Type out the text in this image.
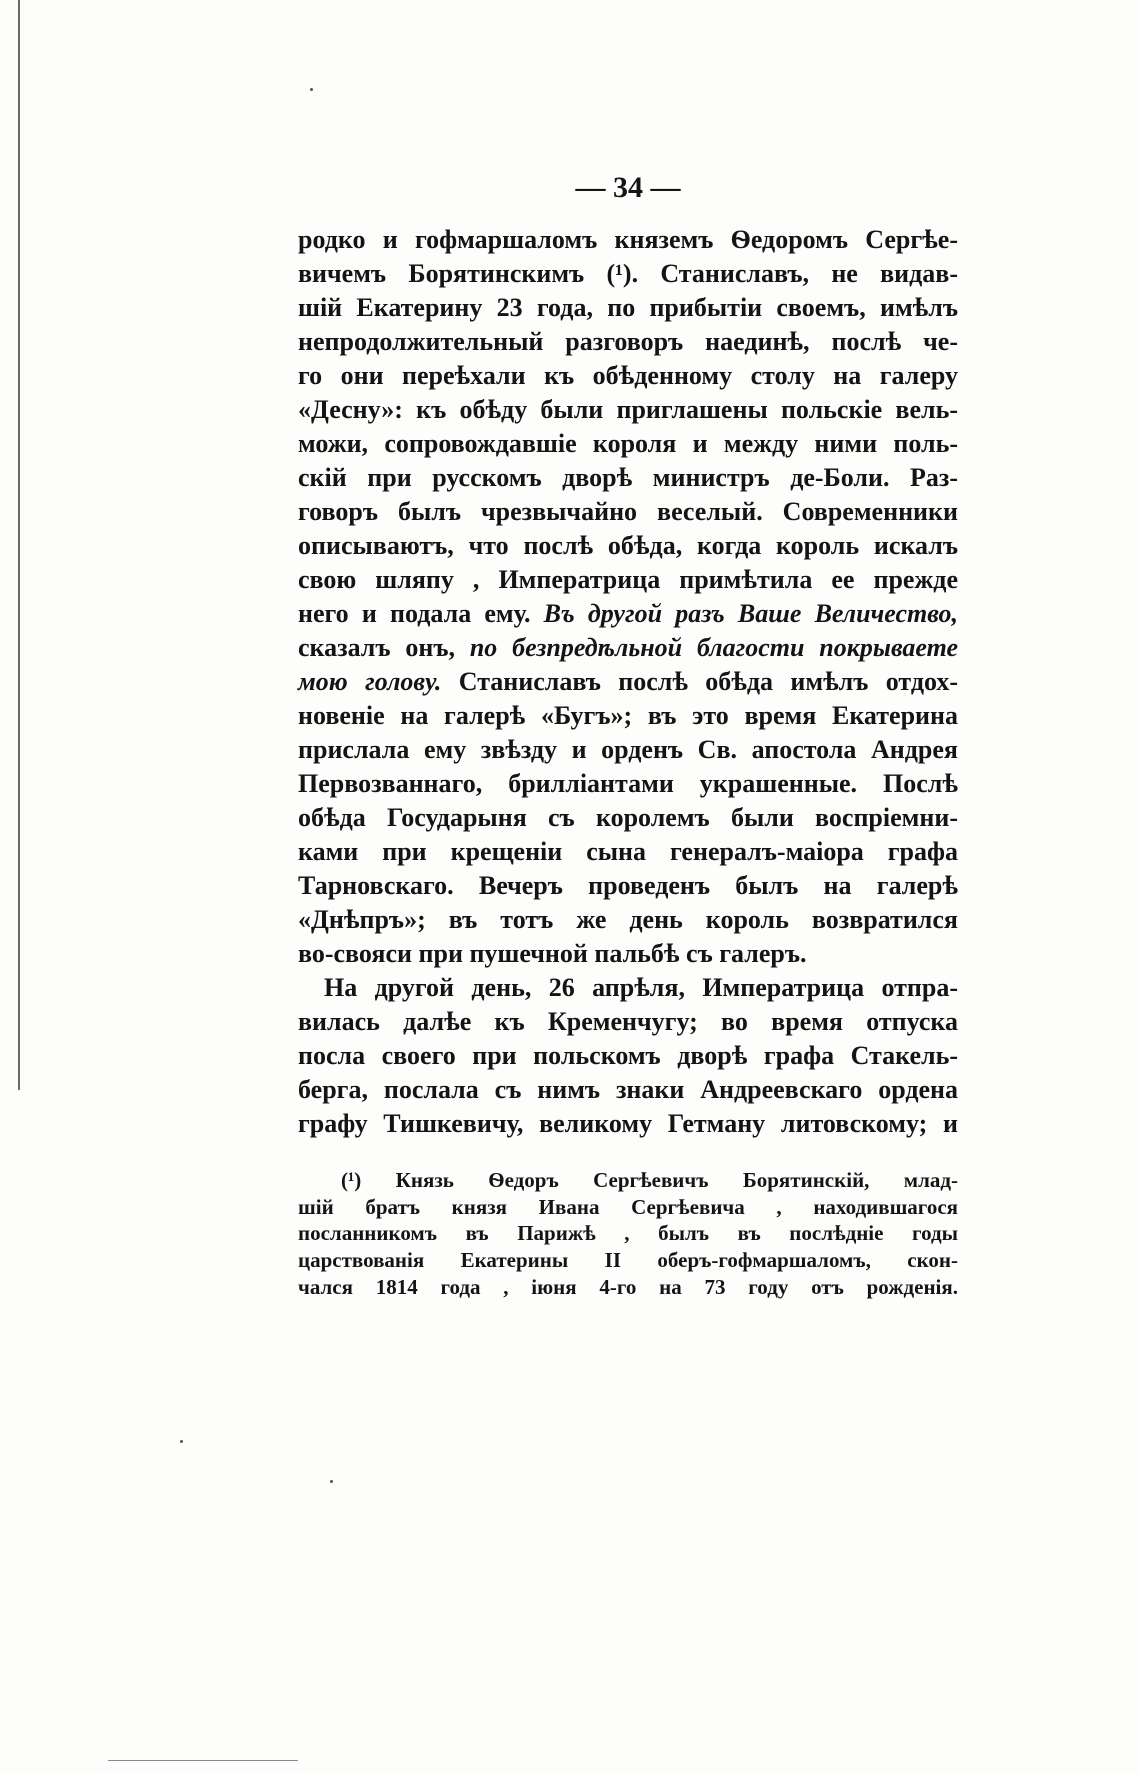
— 34 —
родко и гофмаршаломъ княземъ Ѳедоромъ Сергѣе-
вичемъ Борятинскимъ (¹). Станиславъ, не видав-
шій Екатерину 23 года, по прибытіи своемъ, имѣлъ
непродолжительный разговоръ наединѣ, послѣ че-
го они переѣхали къ обѣденному столу на галеру
«Десну»: къ обѣду были приглашены польскіе вель-
можи, сопровождавшіе короля и между ними поль-
скій при русскомъ дворѣ министръ де-Боли. Раз-
говоръ былъ чрезвычайно веселый. Современники
описываютъ, что послѣ обѣда, когда король искалъ
свою шляпу , Императрица примѣтила ее прежде
него и подала ему. Въ другой разъ Ваше Величество,
сказалъ онъ, по безпредѣльной благости покрываете
мою голову. Станиславъ послѣ обѣда имѣлъ отдох-
новеніе на галерѣ «Бугъ»; въ это время Екатерина
прислала ему звѣзду и орденъ Св. апостола Андрея
Первозваннаго, брилліантами украшенные. Послѣ
обѣда Государыня съ королемъ были воспріемни-
ками при крещеніи сына генералъ-маіора графа
Тарновскаго. Вечеръ проведенъ былъ на галерѣ
«Днѣпръ»; въ тотъ же день король возвратился
во-свояси при пушечной пальбѣ съ галеръ.
На другой день, 26 апрѣля, Императрица отпра-
вилась далѣе къ Кременчугу; во время отпуска
посла своего при польскомъ дворѣ графа Стакель-
берга, послала съ нимъ знаки Андреевскаго ордена
графу Тишкевичу, великому Гетману литовскому; и
(¹) Князь Ѳедоръ Сергѣевичъ Борятинскій, млад-
шій братъ князя Ивана Сергѣевича , находившагося
посланникомъ въ Парижѣ , былъ въ послѣдніе годы
царствованія Екатерины II оберъ-гофмаршаломъ, скон-
чался 1814 года , іюня 4-го на 73 году отъ рожденія.
